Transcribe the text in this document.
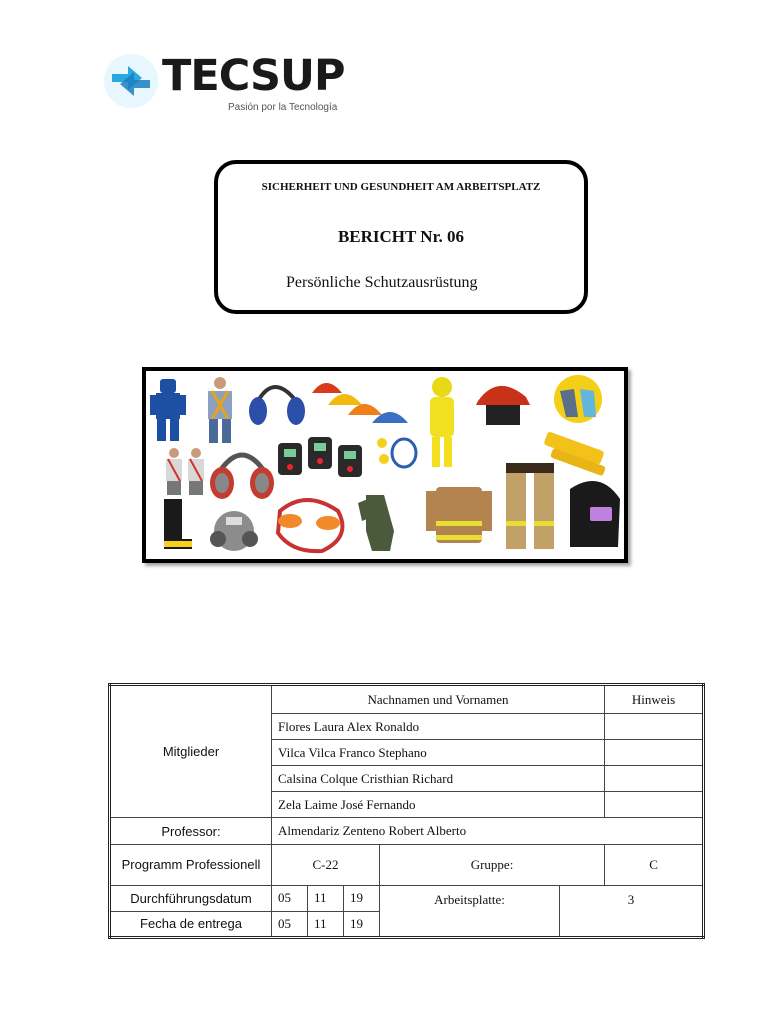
TECSUP
Pasión por la Tecnología
SICHERHEIT UND GESUNDHEIT AM ARBEITSPLATZ
BERICHT Nr. 06
Persönliche Schutzausrüstung
Mitglieder	Nachnamen und Vornamen					Hinweis
	Flores Laura Alex Ronaldo					
	Vilca Vilca Franco Stephano					
	Calsina Colque Cristhian Richard					
	Zela Laime José Fernando					
Professor:	Almendariz Zenteno Robert Alberto					
Programm Professionell	C-22			Gruppe:		C
Durchführungsdatum	05	11	19	Arbeitsplatte:	3	
Fecha de entrega	05	11	19			
